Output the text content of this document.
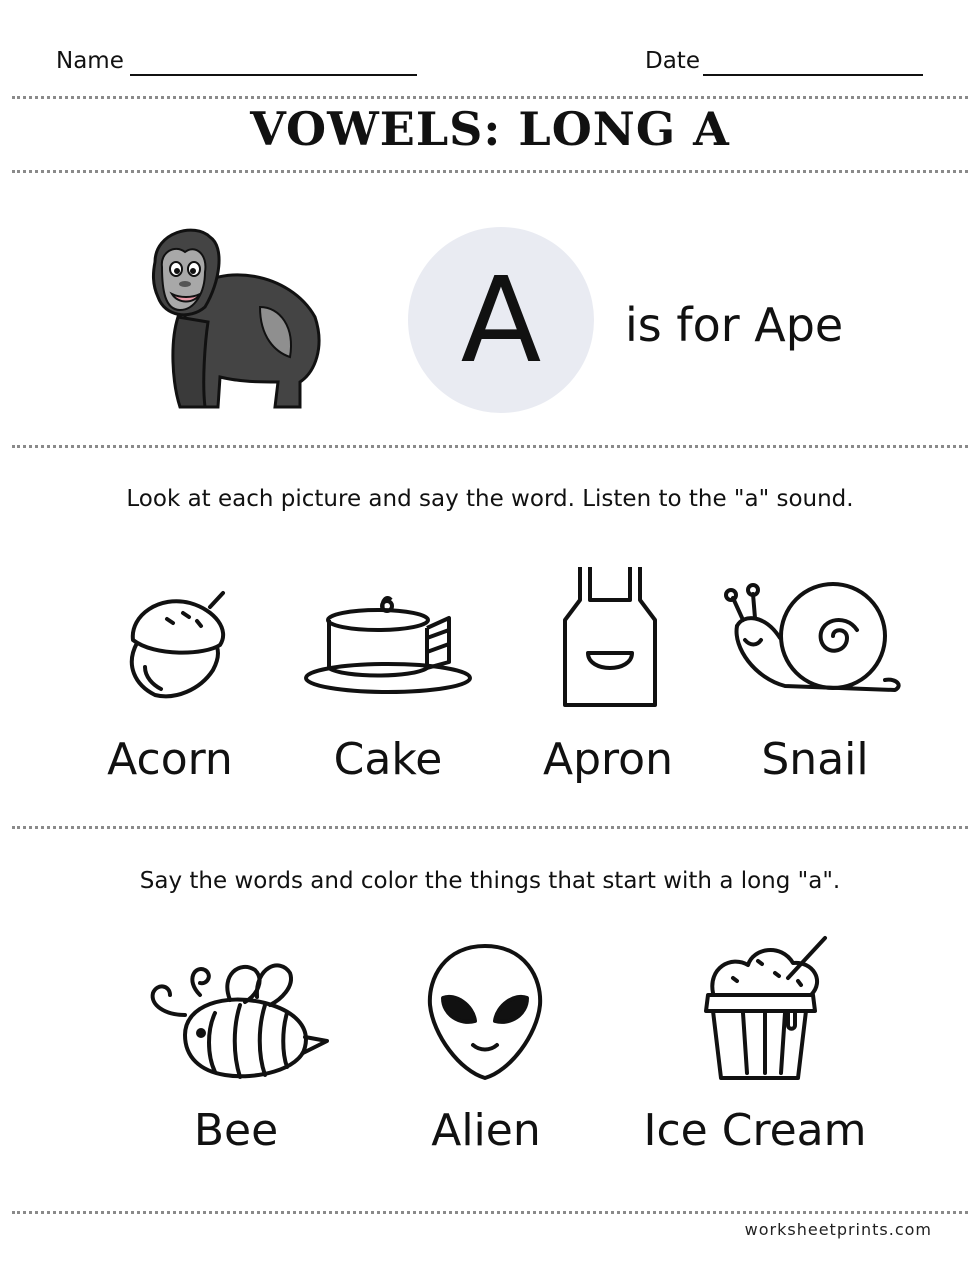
Name	Date
VOWELS: LONG A
A	is for Ape
Look at each picture and say the word. Listen to the "a" sound.
Acorn	Cake	Apron	Snail
Say the words and color the things that start with a long "a".
Bee	Alien	Ice Cream
worksheetprints.com
